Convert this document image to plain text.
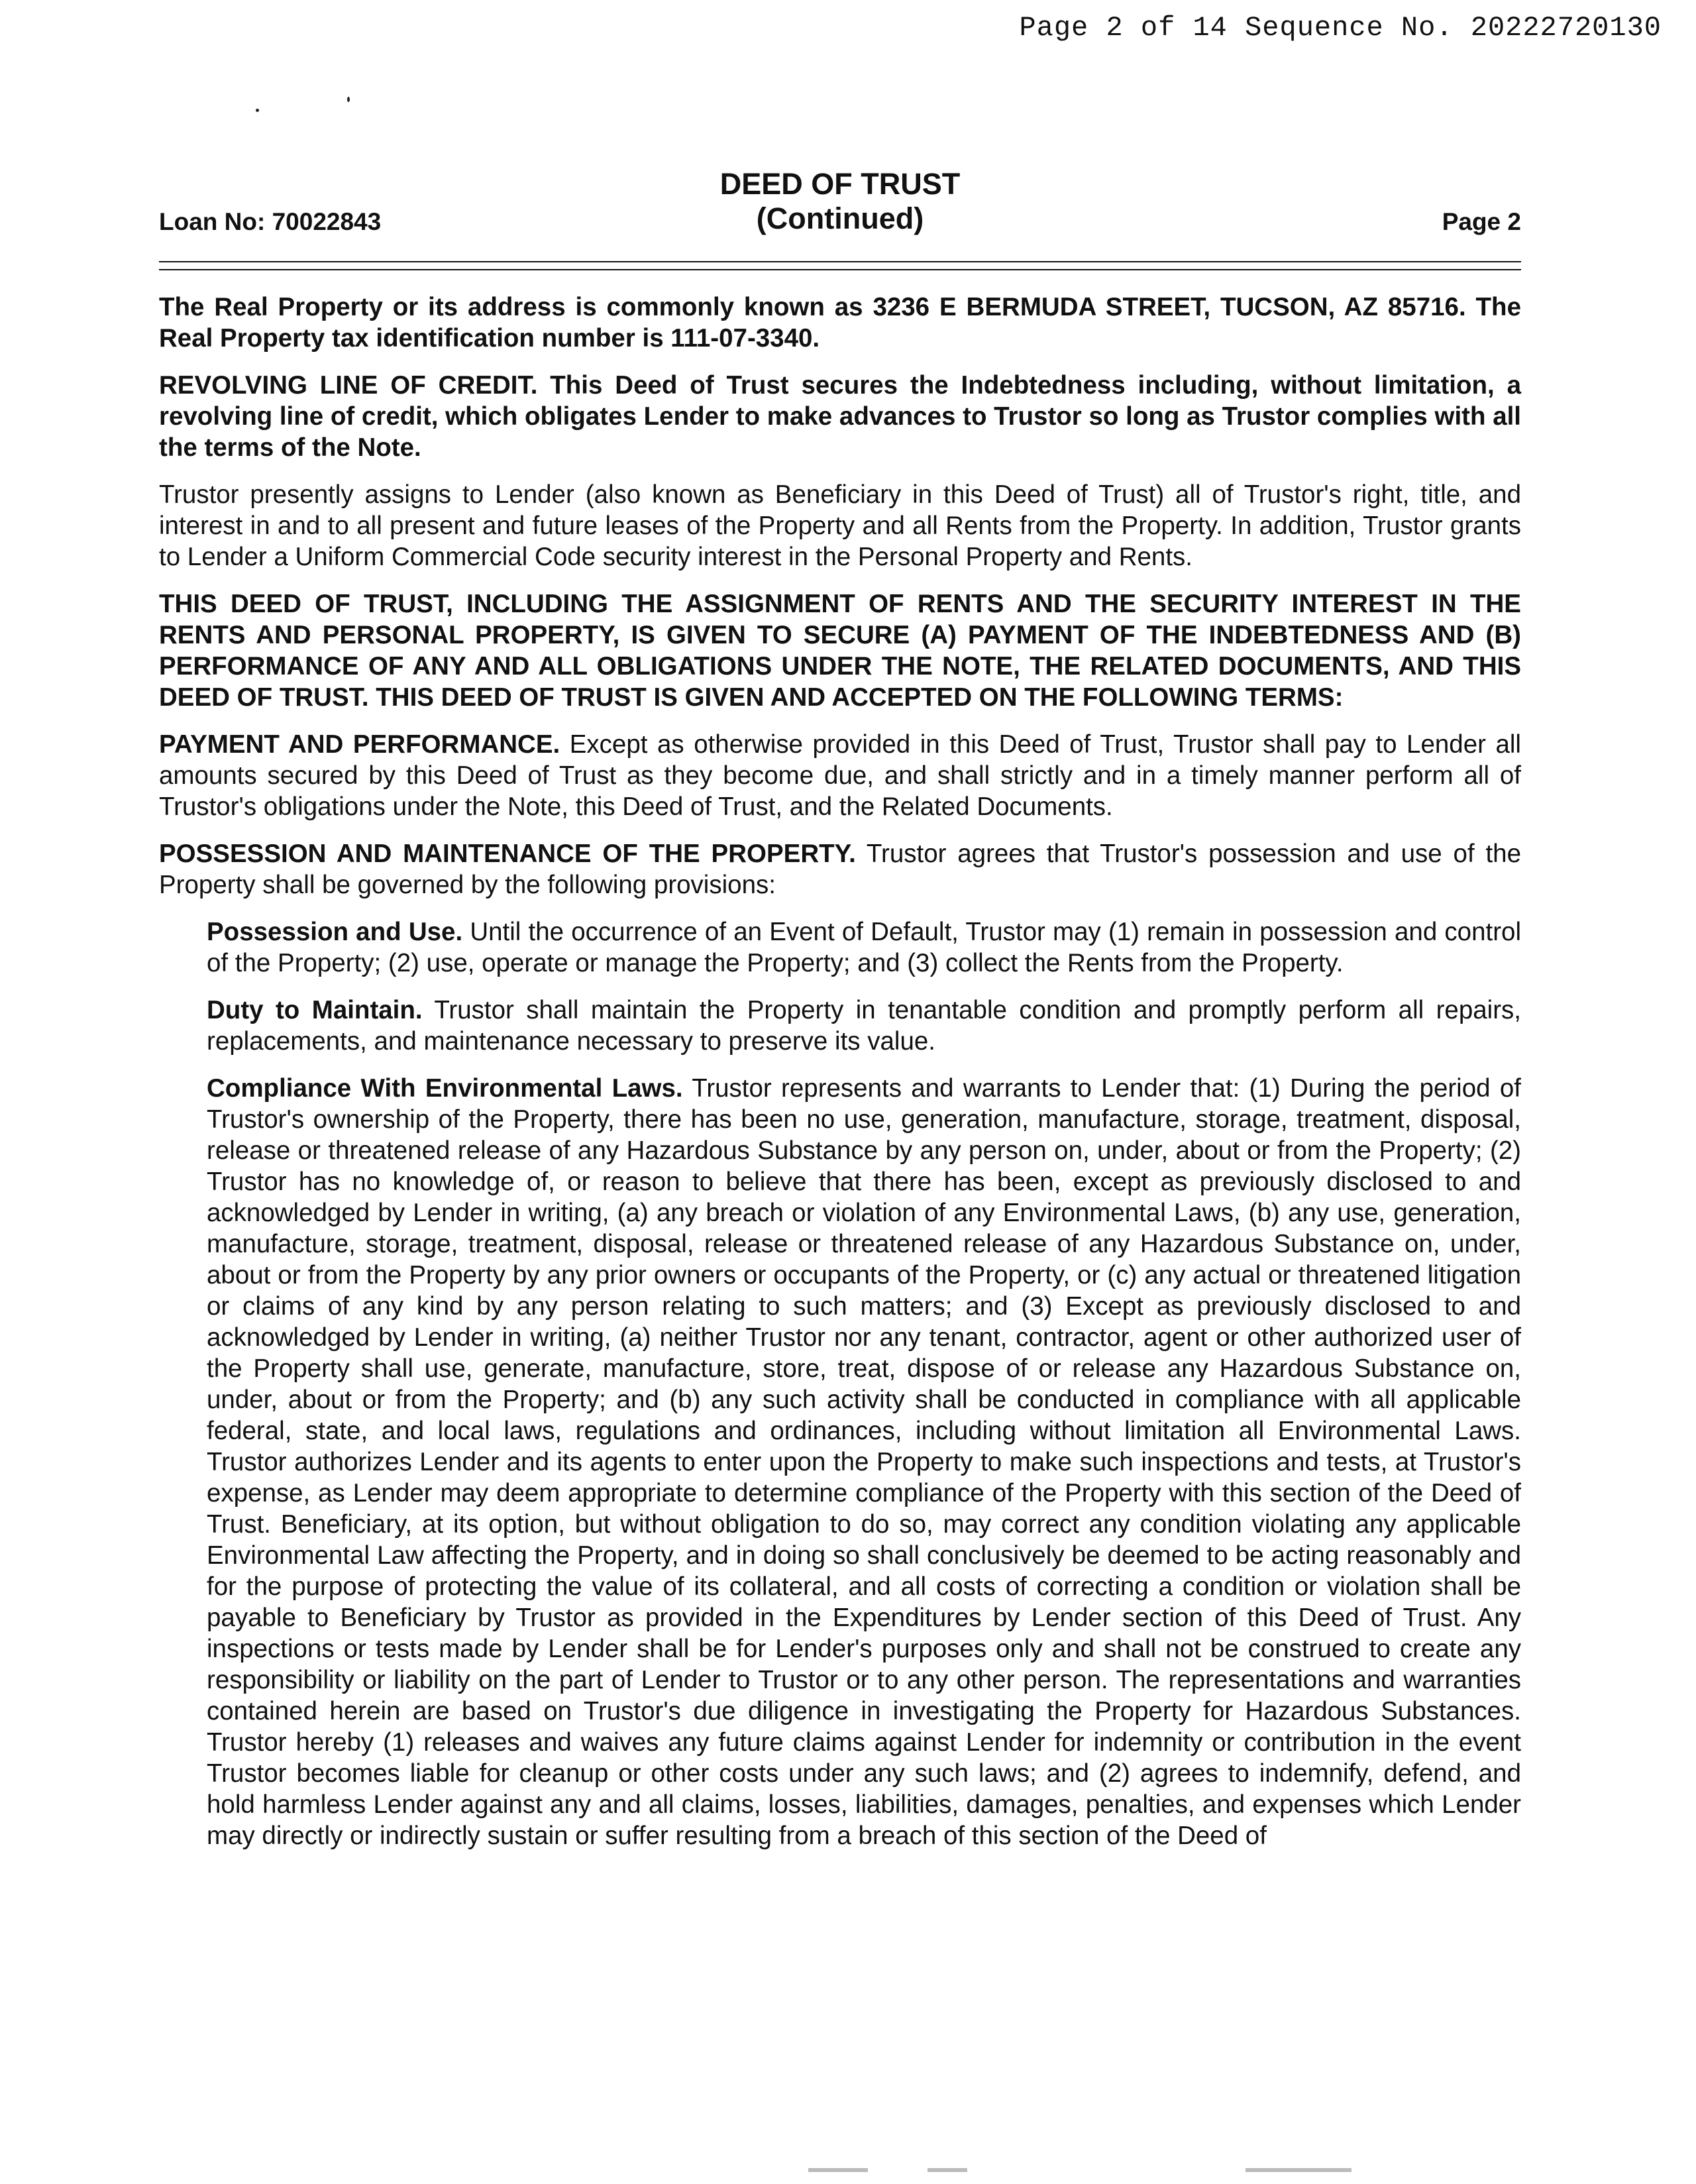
Page 2 of 14 Sequence No. 20222720130
DEED OF TRUST
(Continued)
Loan No: 70022843	Page 2

The Real Property or its address is commonly known as 3236 E BERMUDA STREET, TUCSON, AZ 85716. The Real Property tax identification number is 111-07-3340.

REVOLVING LINE OF CREDIT. This Deed of Trust secures the Indebtedness including, without limitation, a revolving line of credit, which obligates Lender to make advances to Trustor so long as Trustor complies with all the terms of the Note.

Trustor presently assigns to Lender (also known as Beneficiary in this Deed of Trust) all of Trustor's right, title, and interest in and to all present and future leases of the Property and all Rents from the Property. In addition, Trustor grants to Lender a Uniform Commercial Code security interest in the Personal Property and Rents.

THIS DEED OF TRUST, INCLUDING THE ASSIGNMENT OF RENTS AND THE SECURITY INTEREST IN THE RENTS AND PERSONAL PROPERTY, IS GIVEN TO SECURE (A) PAYMENT OF THE INDEBTEDNESS AND (B) PERFORMANCE OF ANY AND ALL OBLIGATIONS UNDER THE NOTE, THE RELATED DOCUMENTS, AND THIS DEED OF TRUST. THIS DEED OF TRUST IS GIVEN AND ACCEPTED ON THE FOLLOWING TERMS:

PAYMENT AND PERFORMANCE. Except as otherwise provided in this Deed of Trust, Trustor shall pay to Lender all amounts secured by this Deed of Trust as they become due, and shall strictly and in a timely manner perform all of Trustor's obligations under the Note, this Deed of Trust, and the Related Documents.

POSSESSION AND MAINTENANCE OF THE PROPERTY. Trustor agrees that Trustor's possession and use of the Property shall be governed by the following provisions:

Possession and Use. Until the occurrence of an Event of Default, Trustor may (1) remain in possession and control of the Property; (2) use, operate or manage the Property; and (3) collect the Rents from the Property.

Duty to Maintain. Trustor shall maintain the Property in tenantable condition and promptly perform all repairs, replacements, and maintenance necessary to preserve its value.

Compliance With Environmental Laws. Trustor represents and warrants to Lender that: (1) During the period of Trustor's ownership of the Property, there has been no use, generation, manufacture, storage, treatment, disposal, release or threatened release of any Hazardous Substance by any person on, under, about or from the Property; (2) Trustor has no knowledge of, or reason to believe that there has been, except as previously disclosed to and acknowledged by Lender in writing, (a) any breach or violation of any Environmental Laws, (b) any use, generation, manufacture, storage, treatment, disposal, release or threatened release of any Hazardous Substance on, under, about or from the Property by any prior owners or occupants of the Property, or (c) any actual or threatened litigation or claims of any kind by any person relating to such matters; and (3) Except as previously disclosed to and acknowledged by Lender in writing, (a) neither Trustor nor any tenant, contractor, agent or other authorized user of the Property shall use, generate, manufacture, store, treat, dispose of or release any Hazardous Substance on, under, about or from the Property; and (b) any such activity shall be conducted in compliance with all applicable federal, state, and local laws, regulations and ordinances, including without limitation all Environmental Laws. Trustor authorizes Lender and its agents to enter upon the Property to make such inspections and tests, at Trustor's expense, as Lender may deem appropriate to determine compliance of the Property with this section of the Deed of Trust. Beneficiary, at its option, but without obligation to do so, may correct any condition violating any applicable Environmental Law affecting the Property, and in doing so shall conclusively be deemed to be acting reasonably and for the purpose of protecting the value of its collateral, and all costs of correcting a condition or violation shall be payable to Beneficiary by Trustor as provided in the Expenditures by Lender section of this Deed of Trust. Any inspections or tests made by Lender shall be for Lender's purposes only and shall not be construed to create any responsibility or liability on the part of Lender to Trustor or to any other person. The representations and warranties contained herein are based on Trustor's due diligence in investigating the Property for Hazardous Substances. Trustor hereby (1) releases and waives any future claims against Lender for indemnity or contribution in the event Trustor becomes liable for cleanup or other costs under any such laws; and (2) agrees to indemnify, defend, and hold harmless Lender against any and all claims, losses, liabilities, damages, penalties, and expenses which Lender may directly or indirectly sustain or suffer resulting from a breach of this section of the Deed of
